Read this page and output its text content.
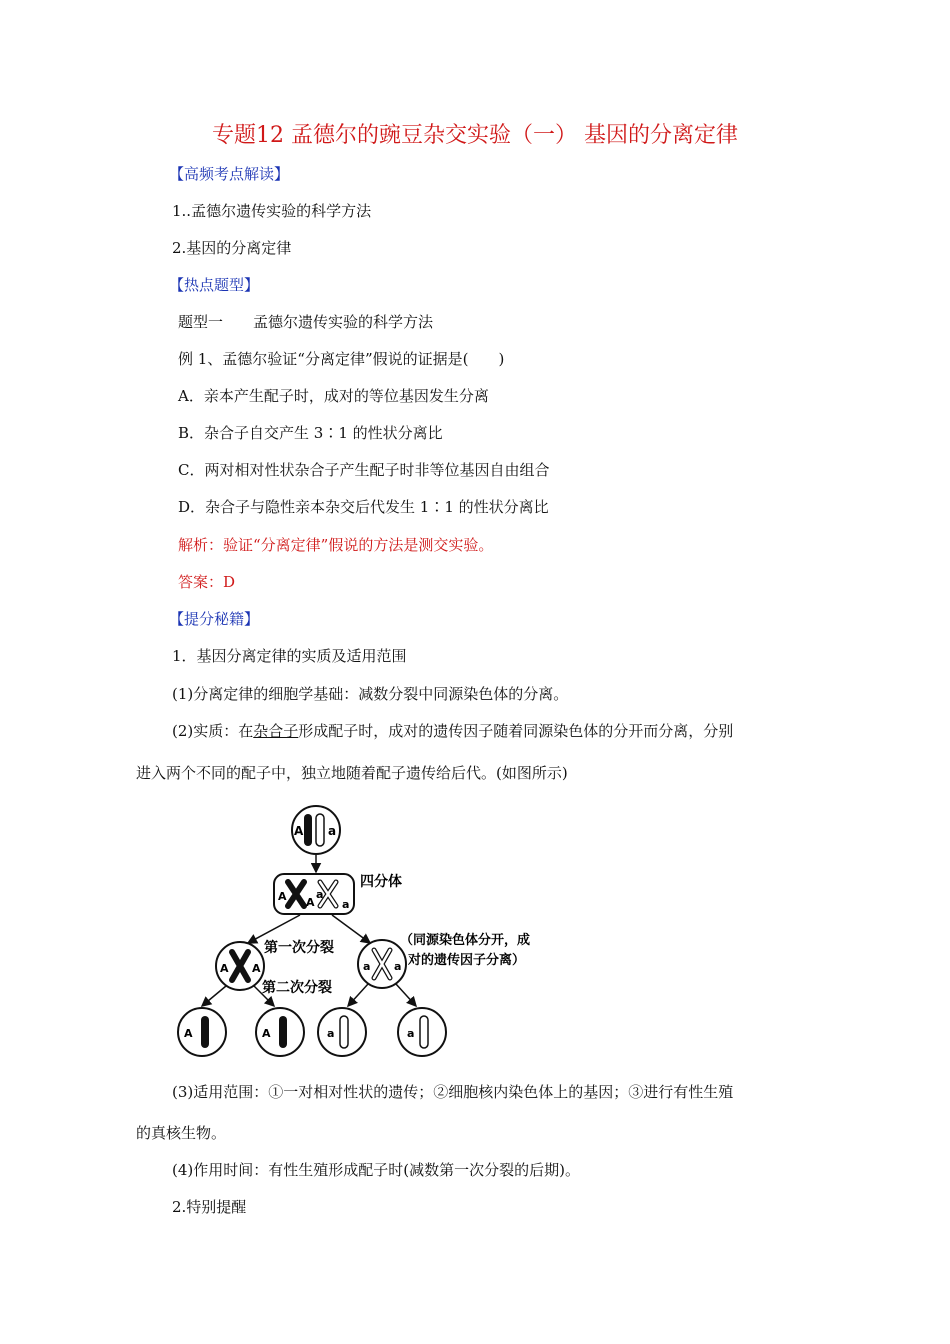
专题12 孟德尔的豌豆杂交实验（一） 基因的分离定律
【高频考点解读】
1..孟德尔遗传实验的科学方法
2.基因的分离定律
【热点题型】
题型一　　孟德尔遗传实验的科学方法
例 1、孟德尔验证“分离定律”假说的证据是(　　)
A．亲本产生配子时，成对的等位基因发生分离
B．杂合子自交产生 3∶1 的性状分离比
C．两对相对性状杂合子产生配子时非等位基因自由组合
D．杂合子与隐性亲本杂交后代发生 1∶1 的性状分离比
解析：验证“分离定律”假说的方法是测交实验。
答案：D
【提分秘籍】
1．基因分离定律的实质及适用范围
(1)分离定律的细胞学基础：减数分裂中同源染色体的分离。
(2)实质：在杂合子形成配子时，成对的遗传因子随着同源染色体的分开而分离，分别
进入两个不同的配子中，独立地随着配子遗传给后代。(如图所示)
A a
A A
a
a
四分体
第一次分裂
A A	a a
（同源染色体分开，成
对的遗传因子分离）
第二次分裂
A	A	a	a
(3)适用范围：①一对相对性状的遗传；②细胞核内染色体上的基因；③进行有性生殖
的真核生物。
(4)作用时间：有性生殖形成配子时(减数第一次分裂的后期)。
2.特别提醒
